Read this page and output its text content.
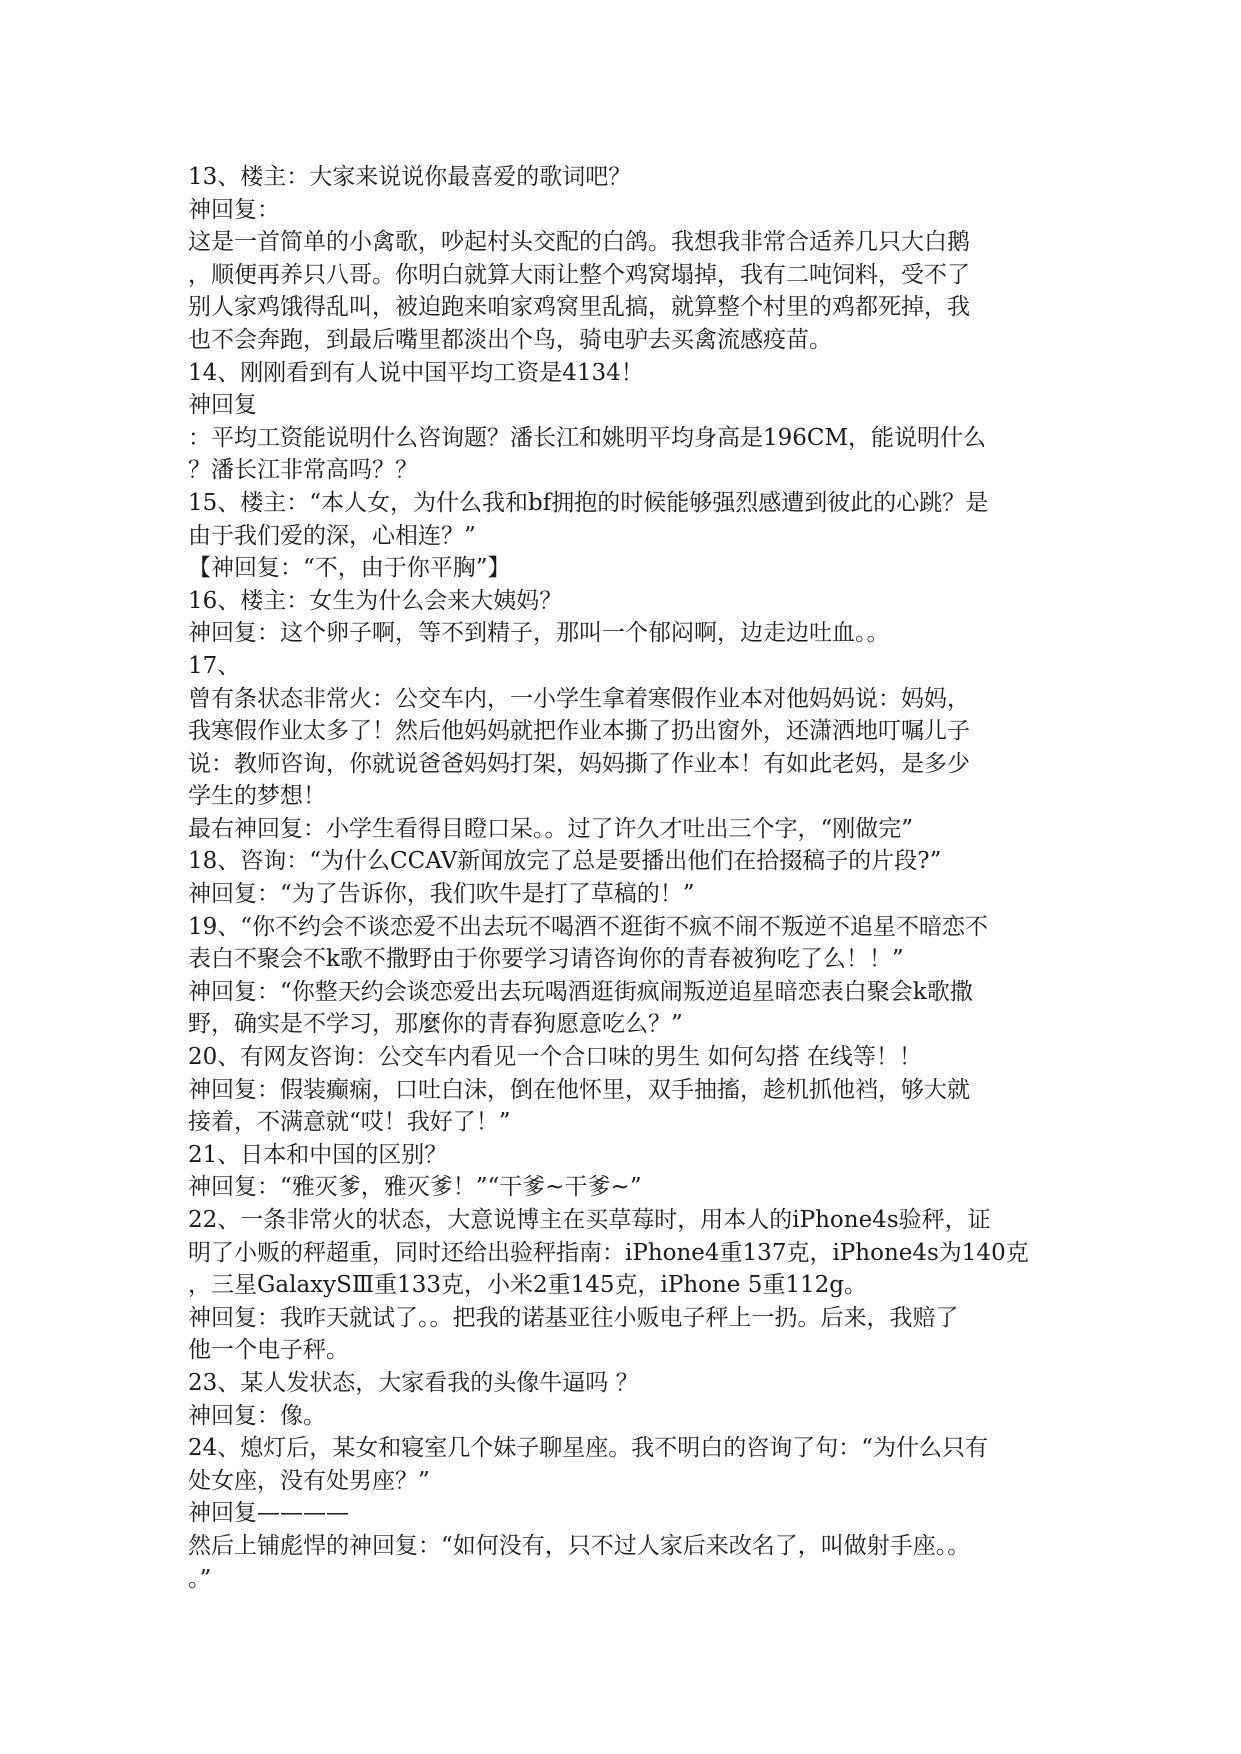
13、楼主：大家来说说你最喜爱的歌词吧？
神回复：
这是一首简单的小禽歌，吵起村头交配的白鸽。我想我非常合适养几只大白鹅
，顺便再养只八哥。你明白就算大雨让整个鸡窝塌掉，我有二吨饲料，受不了
别人家鸡饿得乱叫，被迫跑来咱家鸡窝里乱搞，就算整个村里的鸡都死掉，我
也不会奔跑，到最后嘴里都淡出个鸟，骑电驴去买禽流感疫苗。
14、刚刚看到有人说中国平均工资是4134！
神回复
：平均工资能说明什么咨询题？潘长江和姚明平均身高是196CM，能说明什么
？潘长江非常高吗？？
15、楼主：“本人女，为什么我和bf拥抱的时候能够强烈感遭到彼此的心跳？是
由于我们爱的深，心相连？”
【神回复：“不，由于你平胸”】
16、楼主：女生为什么会来大姨妈？
神回复：这个卵子啊，等不到精子，那叫一个郁闷啊，边走边吐血。。
17、
曾有条状态非常火：公交车内，一小学生拿着寒假作业本对他妈妈说：妈妈，
我寒假作业太多了！然后他妈妈就把作业本撕了扔出窗外，还潇洒地叮嘱儿子
说：教师咨询，你就说爸爸妈妈打架，妈妈撕了作业本！有如此老妈，是多少
学生的梦想！
最右神回复：小学生看得目瞪口呆。。过了许久才吐出三个字，“刚做完”
18、咨询：“为什么CCAV新闻放完了总是要播出他们在拾掇稿子的片段?”
神回复：“为了告诉你，我们吹牛是打了草稿的！”
19、“你不约会不谈恋爱不出去玩不喝酒不逛街不疯不闹不叛逆不追星不暗恋不
表白不聚会不k歌不撒野由于你要学习请咨询你的青春被狗吃了么！！”
神回复：“你整天约会谈恋爱出去玩喝酒逛街疯闹叛逆追星暗恋表白聚会k歌撒
野，确实是不学习，那麼你的青春狗愿意吃么？”
20、有网友咨询：公交车内看见一个合口味的男生 如何勾搭 在线等！！
神回复：假装癫痫，口吐白沫，倒在他怀里，双手抽搐，趁机抓他裆，够大就
接着，不满意就“哎！我好了！”
21、日本和中国的区别？
神回复：“雅灭爹，雅灭爹！”“干爹~干爹~”
22、一条非常火的状态，大意说博主在买草莓时，用本人的iPhone4s验秤，证
明了小贩的秤超重，同时还给出验秤指南：iPhone4重137克，iPhone4s为140克
，三星GalaxySⅢ重133克，小米2重145克，iPhone 5重112g。
神回复：我昨天就试了。。把我的诺基亚往小贩电子秤上一扔。后来，我赔了
他一个电子秤。
23、某人发状态，大家看我的头像牛逼吗 ？
神回复：像。
24、熄灯后，某女和寝室几个妹子聊星座。我不明白的咨询了句：“为什么只有
处女座，没有处男座？”
神回复————
然后上铺彪悍的神回复：“如何没有，只不过人家后来改名了，叫做射手座。。
。”
